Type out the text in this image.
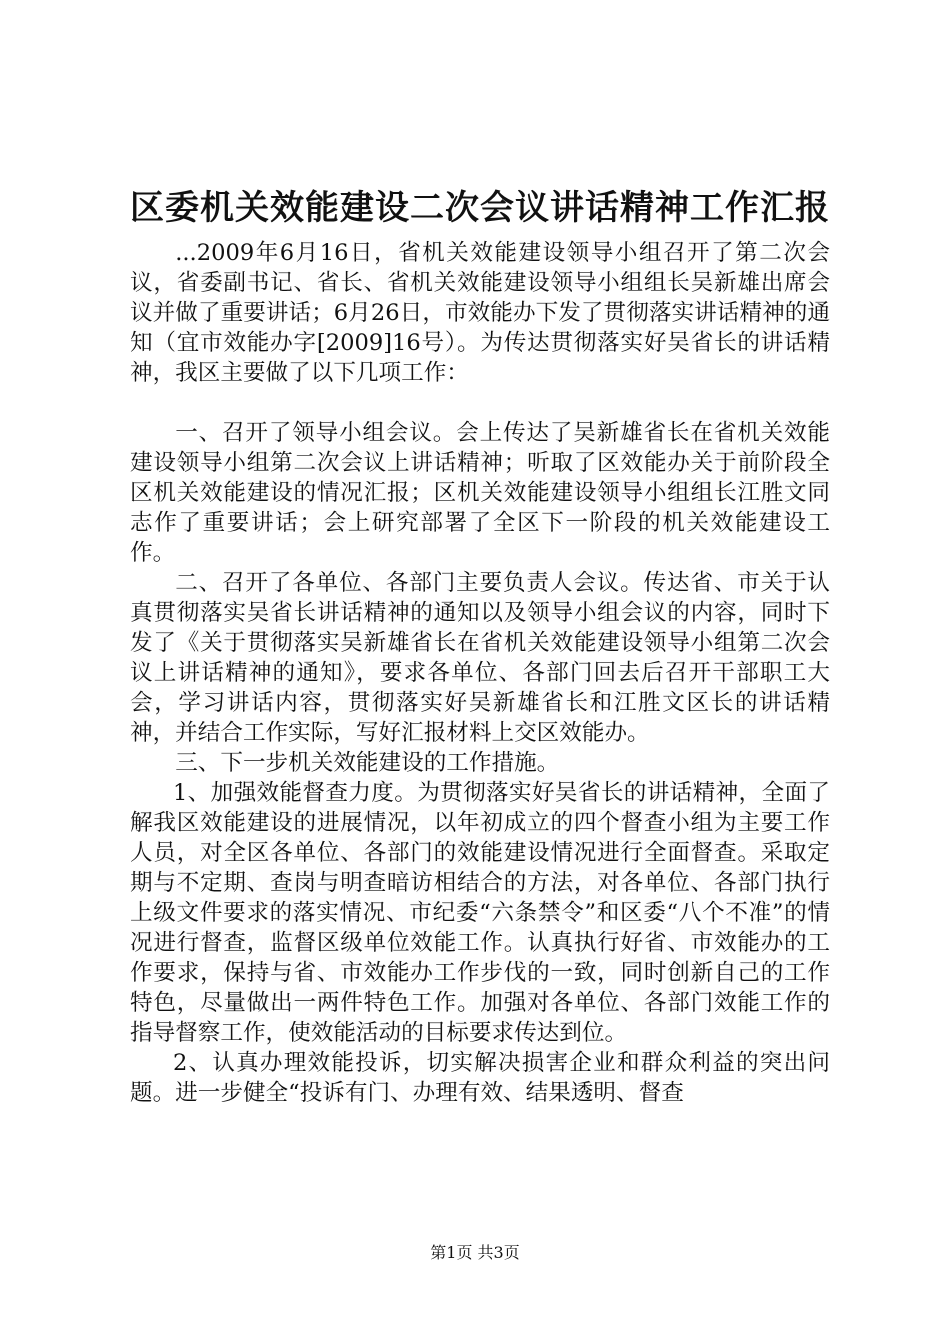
区委机关效能建设二次会议讲话精神工作汇报

...2009年6月16日，省机关效能建设领导小组召开了第二次会议，省委副书记、省长、省机关效能建设领导小组组长吴新雄出席会议并做了重要讲话；6月26日，市效能办下发了贯彻落实讲话精神的通知（宜市效能办字[2009]16号）。为传达贯彻落实好吴省长的讲话精神，我区主要做了以下几项工作：

一、召开了领导小组会议。会上传达了吴新雄省长在省机关效能建设领导小组第二次会议上讲话精神；听取了区效能办关于前阶段全区机关效能建设的情况汇报；区机关效能建设领导小组组长江胜文同志作了重要讲话；会上研究部署了全区下一阶段的机关效能建设工作。

二、召开了各单位、各部门主要负责人会议。传达省、市关于认真贯彻落实吴省长讲话精神的通知以及领导小组会议的内容，同时下发了《关于贯彻落实吴新雄省长在省机关效能建设领导小组第二次会议上讲话精神的通知》，要求各单位、各部门回去后召开干部职工大会，学习讲话内容，贯彻落实好吴新雄省长和江胜文区长的讲话精神，并结合工作实际，写好汇报材料上交区效能办。

三、下一步机关效能建设的工作措施。

1、加强效能督查力度。为贯彻落实好吴省长的讲话精神，全面了解我区效能建设的进展情况，以年初成立的四个督查小组为主要工作人员，对全区各单位、各部门的效能建设情况进行全面督查。采取定期与不定期、查岗与明查暗访相结合的方法，对各单位、各部门执行上级文件要求的落实情况、市纪委“六条禁令”和区委“八个不准”的情况进行督查，监督区级单位效能工作。认真执行好省、市效能办的工作要求，保持与省、市效能办工作步伐的一致，同时创新自己的工作特色，尽量做出一两件特色工作。加强对各单位、各部门效能工作的指导督察工作，使效能活动的目标要求传达到位。

2、认真办理效能投诉，切实解决损害企业和群众利益的突出问题。进一步健全“投诉有门、办理有效、结果透明、督查

第1页 共3页
